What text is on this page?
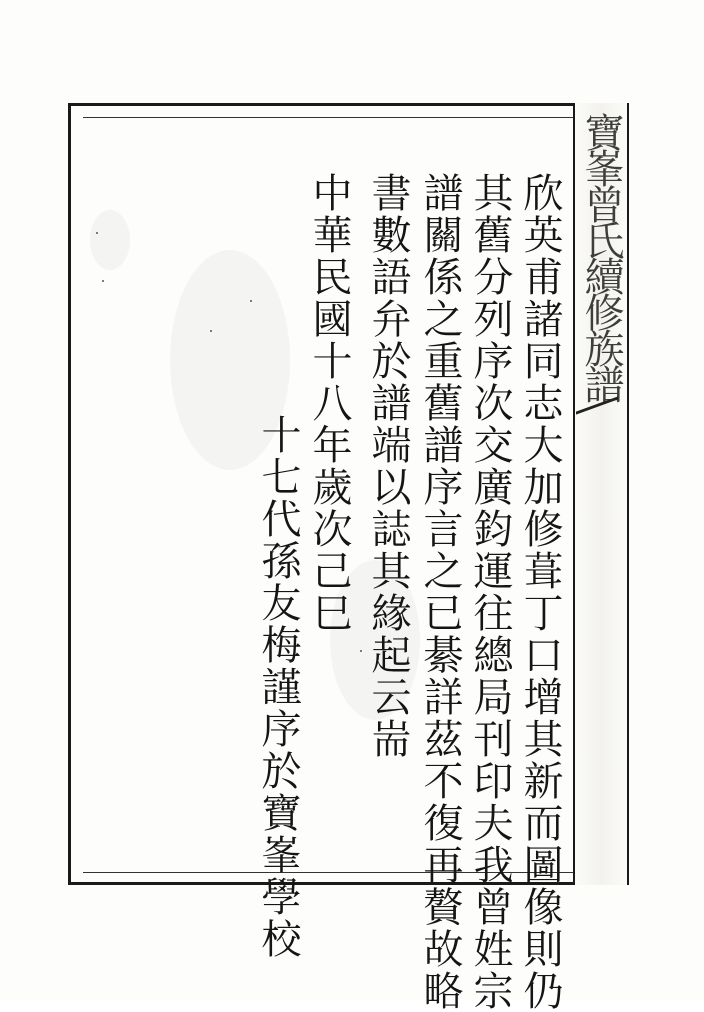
寶峯曾氏續修族譜
欣英甫諸同志大加修葺丁口增其新而圖像則仍
其舊分列序次交廣鈞運往總局刊印夫我曾姓宗
譜關係之重舊譜序言之已綦詳茲不復再贅故略
書數語弁於譜端以誌其緣起云耑
中華民國十八年歲次己巳
十七代孫友梅謹序於寶峯學校
